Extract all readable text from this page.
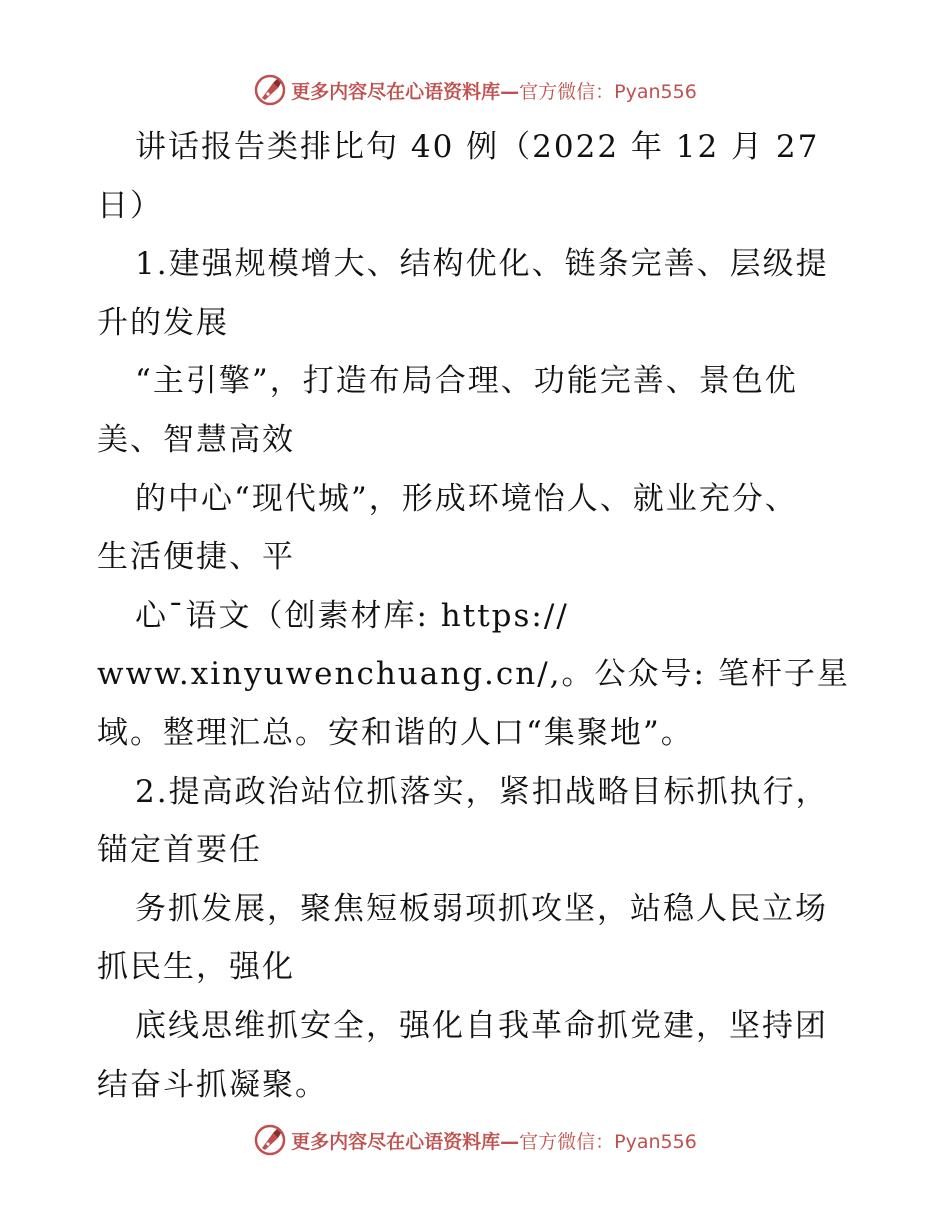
更多内容尽在心语资料库—官方微信：Pyan556
讲话报告类排比句 40 例（2022 年 12 月 27
日）
1.建强规模增大、结构优化、链条完善、层级提
升的发展
“主引擎”，打造布局合理、功能完善、景色优
美、智慧高效
的中心“现代城”，形成环境怡人、就业充分、
生活便捷、平
心¯语文（创素材库: https://
www.xinyuwenchuang.cn/,。公众号: 笔杆子星
域。整理汇总。安和谐的人口“集聚地”。
2.提高政治站位抓落实，紧扣战略目标抓执行，
锚定首要任
务抓发展，聚焦短板弱项抓攻坚，站稳人民立场
抓民生，强化
底线思维抓安全，强化自我革命抓党建，坚持团
结奋斗抓凝聚。
更多内容尽在心语资料库—官方微信：Pyan556
